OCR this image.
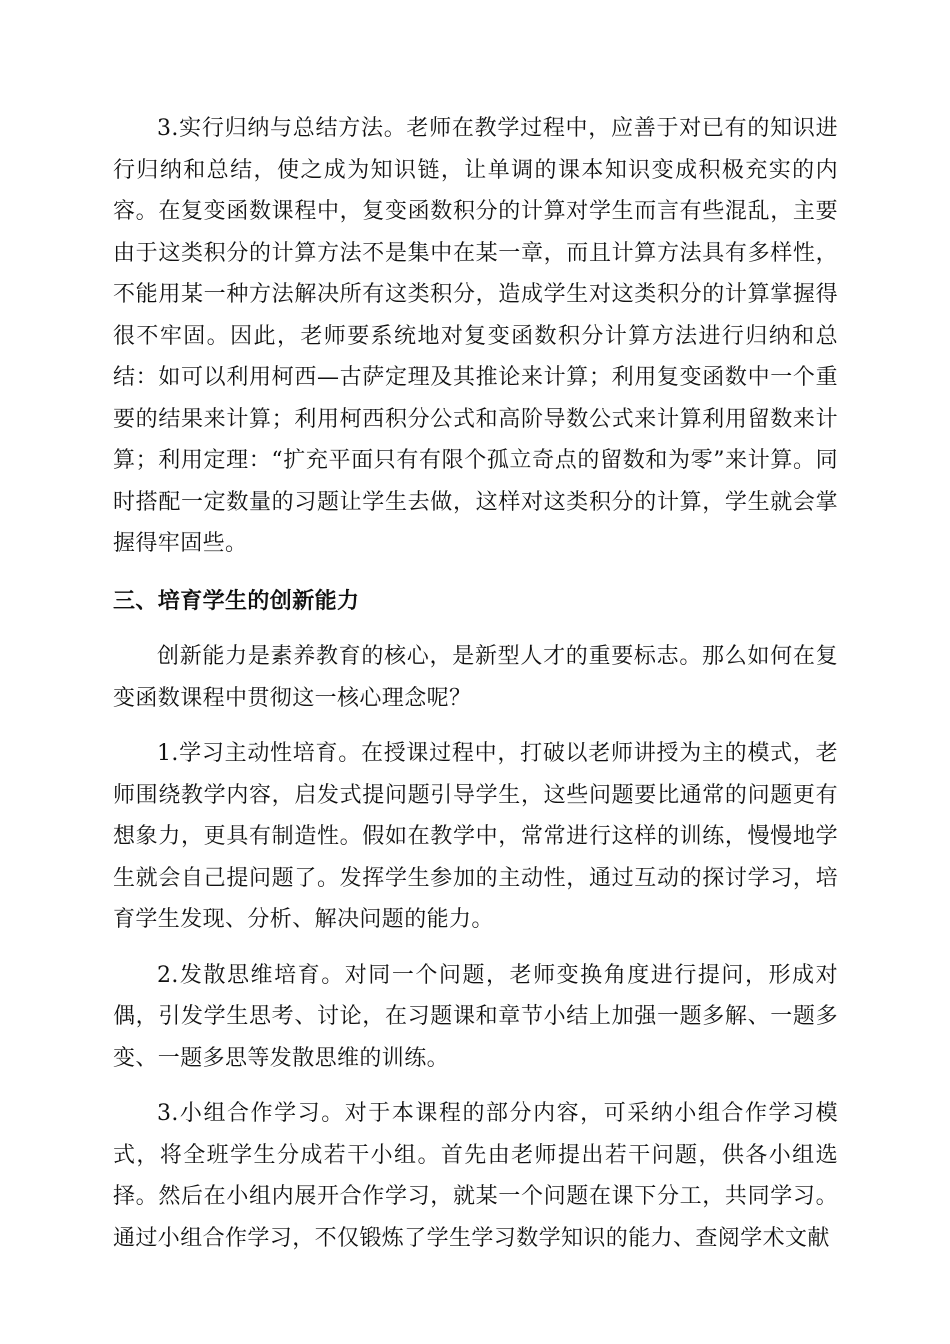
3.实行归纳与总结方法。老师在教学过程中，应善于对已有的知识进行归纳和总结，使之成为知识链，让单调的课本知识变成积极充实的内容。在复变函数课程中，复变函数积分的计算对学生而言有些混乱，主要由于这类积分的计算方法不是集中在某一章，而且计算方法具有多样性，不能用某一种方法解决所有这类积分，造成学生对这类积分的计算掌握得很不牢固。因此，老师要系统地对复变函数积分计算方法进行归纳和总结：如可以利用柯西—古萨定理及其推论来计算；利用复变函数中一个重要的结果来计算；利用柯西积分公式和高阶导数公式来计算利用留数来计算；利用定理：“扩充平面只有有限个孤立奇点的留数和为零”来计算。同时搭配一定数量的习题让学生去做，这样对这类积分的计算，学生就会掌握得牢固些。

三、培育学生的创新能力

创新能力是素养教育的核心，是新型人才的重要标志。那么如何在复变函数课程中贯彻这一核心理念呢？

1.学习主动性培育。在授课过程中，打破以老师讲授为主的模式，老师围绕教学内容，启发式提问题引导学生，这些问题要比通常的问题更有想象力，更具有制造性。假如在教学中，常常进行这样的训练，慢慢地学生就会自己提问题了。发挥学生参加的主动性，通过互动的探讨学习，培育学生发现、分析、解决问题的能力。

2.发散思维培育。对同一个问题，老师变换角度进行提问，形成对偶，引发学生思考、讨论，在习题课和章节小结上加强一题多解、一题多变、一题多思等发散思维的训练。

3.小组合作学习。对于本课程的部分内容，可采纳小组合作学习模式，将全班学生分成若干小组。首先由老师提出若干问题，供各小组选择。然后在小组内展开合作学习，就某一个问题在课下分工，共同学习。通过小组合作学习，不仅锻炼了学生学习数学知识的能力、查阅学术文献
